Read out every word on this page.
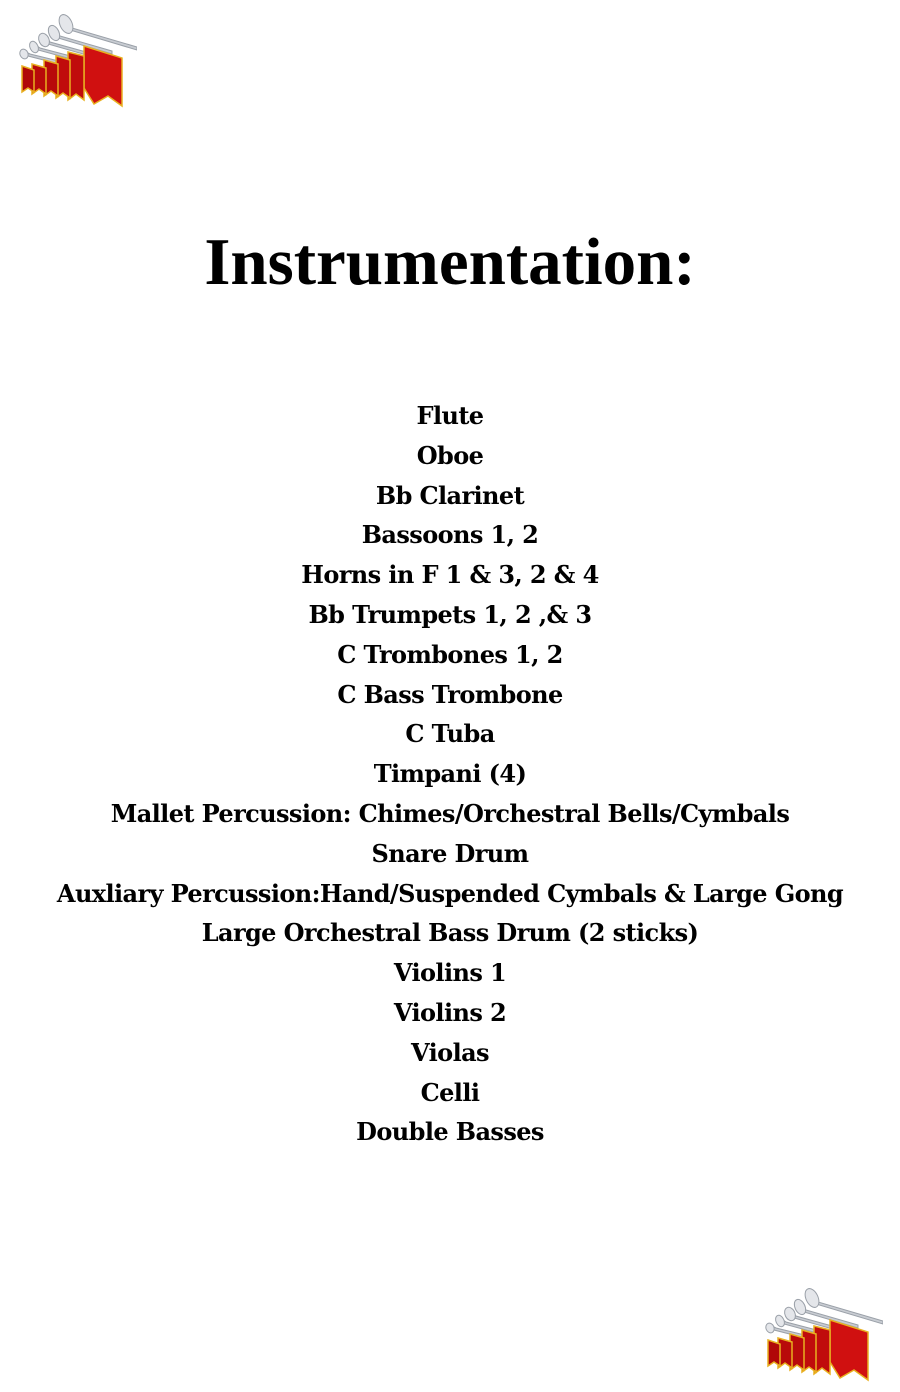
Instrumentation:
Flute
Oboe
Bb Clarinet
Bassoons 1, 2
Horns in F 1 & 3, 2 & 4
Bb Trumpets 1, 2 ,& 3
C Trombones 1, 2
C Bass Trombone
C Tuba
Timpani (4)
Mallet Percussion: Chimes/Orchestral Bells/Cymbals
Snare Drum
Auxliary Percussion:Hand/Suspended Cymbals & Large Gong
Large Orchestral Bass Drum (2 sticks)
Violins 1
Violins 2
Violas
Celli
Double Basses
